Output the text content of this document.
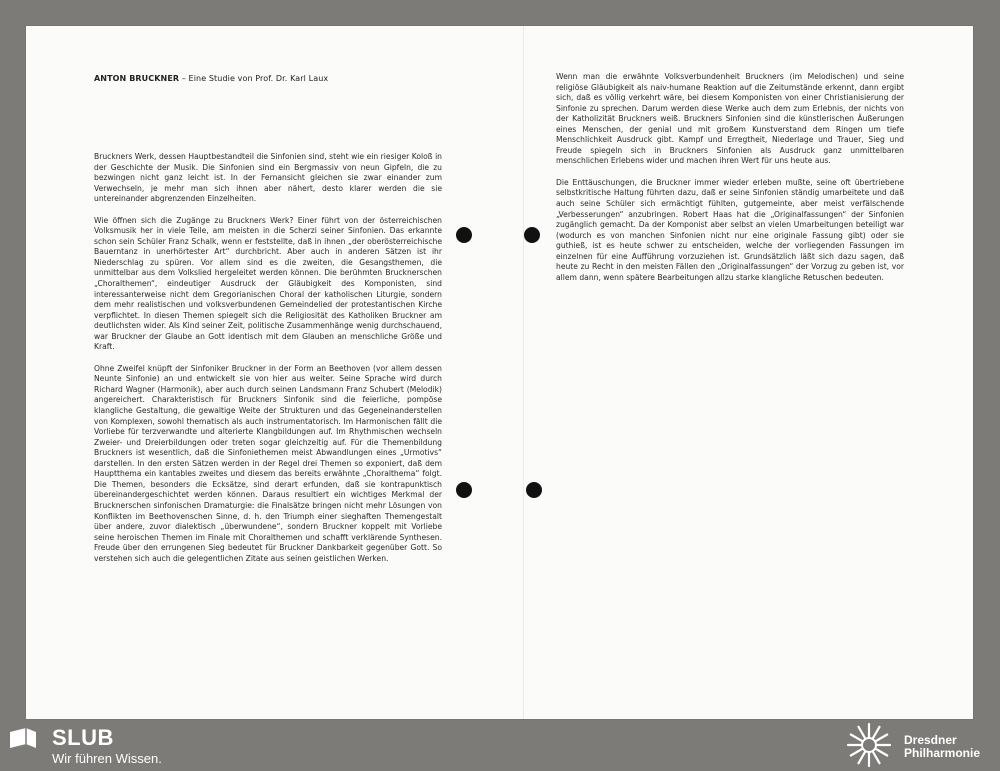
ANTON BRUCKNER – Eine Studie von Prof. Dr. Karl Laux

Bruckners Werk, dessen Hauptbestandteil die Sinfonien sind, steht wie ein riesiger Koloß in der Geschichte der Musik. Die Sinfonien sind ein Bergmassiv von neun Gipfeln, die zu bezwingen nicht ganz leicht ist. In der Fernansicht gleichen sie zwar einander zum Verwechseln, je mehr man sich ihnen aber nähert, desto klarer werden die sie untereinander abgrenzenden Einzelheiten.

Wie öffnen sich die Zugänge zu Bruckners Werk? Einer führt von der österreichischen Volksmusik her in viele Teile, am meisten in die Scherzi seiner Sinfonien. Das erkannte schon sein Schüler Franz Schalk, wenn er feststellte, daß in ihnen „der oberösterreichische Bauerntanz in unerhörtester Art“ durchbricht. Aber auch in anderen Sätzen ist ihr Niederschlag zu spüren. Vor allem sind es die zweiten, die Gesangsthemen, die unmittelbar aus dem Volkslied hergeleitet werden können. Die berühmten Brucknerschen „Choralthemen“, eindeutiger Ausdruck der Gläubigkeit des Komponisten, sind interessanterweise nicht dem Gregorianischen Choral der katholischen Liturgie, sondern dem mehr realistischen und volksverbundenen Gemeindelied der protestantischen Kirche verpflichtet. In diesen Themen spiegelt sich die Religiosität des Katholiken Bruckner am deutlichsten wider. Als Kind seiner Zeit, politische Zusammenhänge wenig durchschauend, war Bruckner der Glaube an Gott identisch mit dem Glauben an menschliche Größe und Kraft.

Ohne Zweifel knüpft der Sinfoniker Bruckner in der Form an Beethoven (vor allem dessen Neunte Sinfonie) an und entwickelt sie von hier aus weiter. Seine Sprache wird durch Richard Wagner (Harmonik), aber auch durch seinen Landsmann Franz Schubert (Melodik) angereichert. Charakteristisch für Bruckners Sinfonik sind die feierliche, pompöse klangliche Gestaltung, die gewaltige Weite der Strukturen und das Gegeneinanderstellen von Komplexen, sowohl thematisch als auch instrumentatorisch. Im Harmonischen fällt die Vorliebe für terzverwandte und alterierte Klangbildungen auf. Im Rhythmischen wechseln Zweier- und Dreierbildungen oder treten sogar gleichzeitig auf. Für die Themenbildung Bruckners ist wesentlich, daß die Sinfoniethemen meist Abwandlungen eines „Urmotivs“ darstellen. In den ersten Sätzen werden in der Regel drei Themen so exponiert, daß dem Hauptthema ein kantables zweites und diesem das bereits erwähnte „Choralthema“ folgt. Die Themen, besonders die Ecksätze, sind derart erfunden, daß sie kontrapunktisch übereinandergeschichtet werden können. Daraus resultiert ein wichtiges Merkmal der Brucknerschen sinfonischen Dramaturgie: die Finalsätze bringen nicht mehr Lösungen von Konflikten im Beethovenschen Sinne, d. h. den Triumph einer sieghaften Themengestalt über andere, zuvor dialektisch „überwundene“, sondern Bruckner koppelt mit Vorliebe seine heroischen Themen im Finale mit Choralthemen und schafft verklärende Synthesen. Freude über den errungenen Sieg bedeutet für Bruckner Dankbarkeit gegenüber Gott. So verstehen sich auch die gelegentlichen Zitate aus seinen geistlichen Werken.

Wenn man die erwähnte Volksverbundenheit Bruckners (im Melodischen) und seine religiöse Gläubigkeit als naiv-humane Reaktion auf die Zeitumstände erkennt, dann ergibt sich, daß es völlig verkehrt wäre, bei diesem Komponisten von einer Christianisierung der Sinfonie zu sprechen. Darum werden diese Werke auch dem zum Erlebnis, der nichts von der Katholizität Bruckners weiß. Bruckners Sinfonien sind die künstlerischen Äußerungen eines Menschen, der genial und mit großem Kunstverstand dem Ringen um tiefe Menschlichkeit Ausdruck gibt. Kampf und Erregtheit, Niederlage und Trauer, Sieg und Freude spiegeln sich in Bruckners Sinfonien als Ausdruck ganz unmittelbaren menschlichen Erlebens wider und machen ihren Wert für uns heute aus.

Die Enttäuschungen, die Bruckner immer wieder erleben mußte, seine oft übertriebene selbstkritische Haltung führten dazu, daß er seine Sinfonien ständig umarbeitete und daß auch seine Schüler sich ermächtigt fühlten, gutgemeinte, aber meist verfälschende „Verbesserungen“ anzubringen. Robert Haas hat die „Originalfassungen“ der Sinfonien zugänglich gemacht. Da der Komponist aber selbst an vielen Umarbeitungen beteiligt war (wodurch es von manchen Sinfonien nicht nur eine originale Fassung gibt) oder sie guthieß, ist es heute schwer zu entscheiden, welche der vorliegenden Fassungen im einzelnen für eine Aufführung vorzuziehen ist. Grundsätzlich läßt sich dazu sagen, daß heute zu Recht in den meisten Fällen den „Originalfassungen“ der Vorzug zu geben ist, vor allem dann, wenn spätere Bearbeitungen allzu starke klangliche Retuschen bedeuten.

SLUB
Wir führen Wissen.
Dresdner
Philharmonie
